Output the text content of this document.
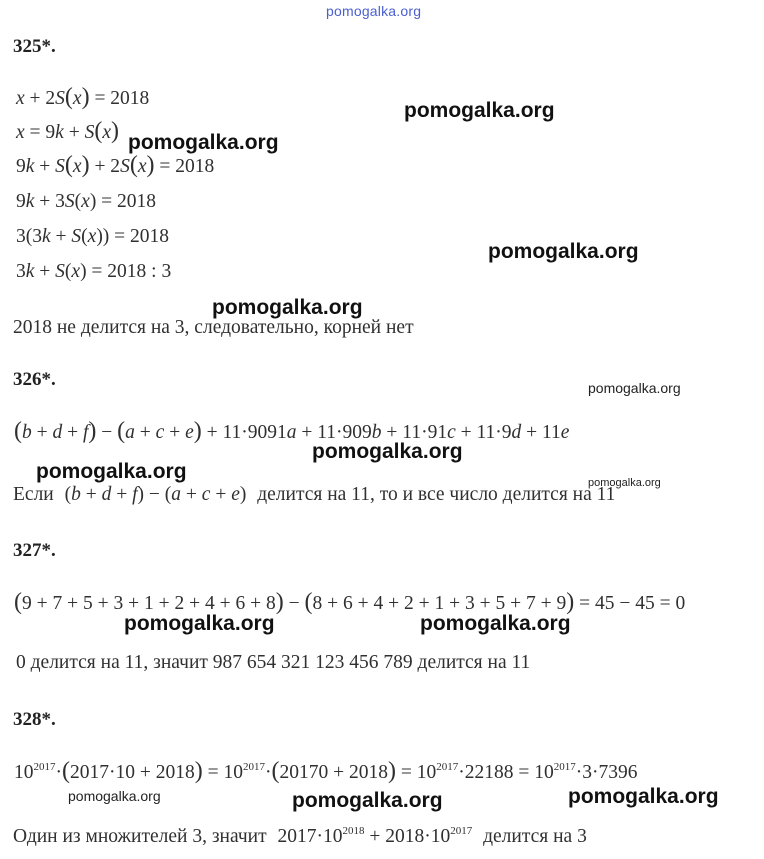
pomogalka.org
325*.
x + 2S(x) = 2018
x = 9k + S(x)
9k + S(x) + 2S(x) = 2018
9k + 3S(x) = 2018
3(3k + S(x)) = 2018
3k + S(x) = 2018 : 3
2018 не делится на 3, следовательно, корней нет
326*.
(b + d + f) − (a + c + e) + 11·9091a + 11·909b + 11·91c + 11·9d + 11e
Если (b + d + f) − (a + c + e) делится на 11, то и все число делится на 11
327*.
(9 + 7 + 5 + 3 + 1 + 2 + 4 + 6 + 8) − (8 + 6 + 4 + 2 + 1 + 3 + 5 + 7 + 9) = 45 − 45 = 0
0 делится на 11, значит 987 654 321 123 456 789 делится на 11
328*.
$10^{2017}\cdot(2017\cdot 10 + 2018) = 10^{2017}\cdot(20170 + 2018) = 10^{2017}\cdot 22188 = 10^{2017}\cdot 3\cdot 7396$
Один из множителей 3, значит $2017\cdot 10^{2018} + 2018\cdot 10^{2017}$ делится на 3
pomogalka.org
pomogalka.org
pomogalka.org
pomogalka.org
pomogalka.org
pomogalka.org
pomogalka.org	pomogalka.org
pomogalka.org	pomogalka.org
pomogalka.org	pomogalka.org	pomogalka.org
